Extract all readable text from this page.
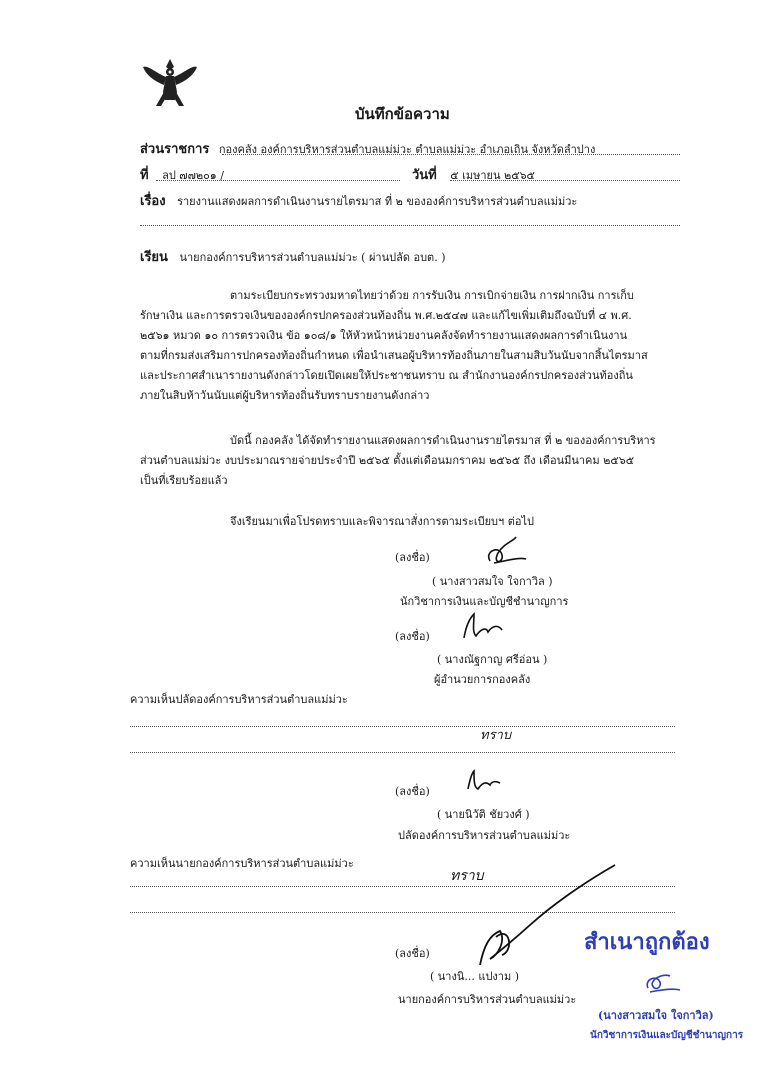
บันทึกข้อความ
ส่วนราชการ กองคลัง องค์การบริหารส่วนตำบลแม่ม่วะ ตำบลแม่ม่วะ อำเภอเถิน จังหวัดลำปาง
ที่ ลป ๗๗๒๐๑ /	วันที่ ๕ เมษายน ๒๕๖๕
เรื่อง รายงานแสดงผลการดำเนินงานรายไตรมาส ที่ ๒ ขององค์การบริหารส่วนตำบลแม่ม่วะ
เรียน นายกองค์การบริหารส่วนตำบลแม่ม่วะ ( ผ่านปลัด อบต. )
ตามระเบียบกระทรวงมหาดไทยว่าด้วย การรับเงิน การเบิกจ่ายเงิน การฝากเงิน การเก็บ
รักษาเงิน และการตรวจเงินขององค์กรปกครองส่วนท้องถิ่น พ.ศ.๒๕๔๗ และแก้ไขเพิ่มเติมถึงฉบับที่ ๔ พ.ศ.
๒๕๖๑ หมวด ๑๐ การตรวจเงิน ข้อ ๑๐๘/๑ ให้หัวหน้าหน่วยงานคลังจัดทำรายงานแสดงผลการดำเนินงาน
ตามที่กรมส่งเสริมการปกครองท้องถิ่นกำหนด เพื่อนำเสนอผู้บริหารท้องถิ่นภายในสามสิบวันนับจากสิ้นไตรมาส
และประกาศสำเนารายงานดังกล่าวโดยเปิดเผยให้ประชาชนทราบ ณ สำนักงานองค์กรปกครองส่วนท้องถิ่น
ภายในสิบห้าวันนับแต่ผู้บริหารท้องถิ่นรับทราบรายงานดังกล่าว
บัดนี้ กองคลัง ได้จัดทำรายงานแสดงผลการดำเนินงานรายไตรมาส ที่ ๒ ขององค์การบริหาร
ส่วนตำบลแม่ม่วะ งบประมาณรายจ่ายประจำปี ๒๕๖๕ ตั้งแต่เดือนมกราคม ๒๕๖๕ ถึง เดือนมีนาคม ๒๕๖๕
เป็นที่เรียบร้อยแล้ว
จึงเรียนมาเพื่อโปรดทราบและพิจารณาสั่งการตามระเบียบฯ ต่อไป
(ลงชื่อ)
( นางสาวสมใจ ใจกาวิล )
นักวิชาการเงินและบัญชีชำนาญการ
(ลงชื่อ)
( นางณัฐกาญ ศรีอ่อน )
ผู้อำนวยการกองคลัง
ความเห็นปลัดองค์การบริหารส่วนตำบลแม่ม่วะ
ทราบ
(ลงชื่อ)
( นายนิวัติ ชัยวงศ์ )
ปลัดองค์การบริหารส่วนตำบลแม่ม่วะ
ความเห็นนายกองค์การบริหารส่วนตำบลแม่ม่วะ
ทราบ
(ลงชื่อ)
( นางนิ... แปงาม )
นายกองค์การบริหารส่วนตำบลแม่ม่วะ
สำเนาถูกต้อง
(นางสาวสมใจ ใจกาวิล)
นักวิชาการเงินและบัญชีชำนาญการ
